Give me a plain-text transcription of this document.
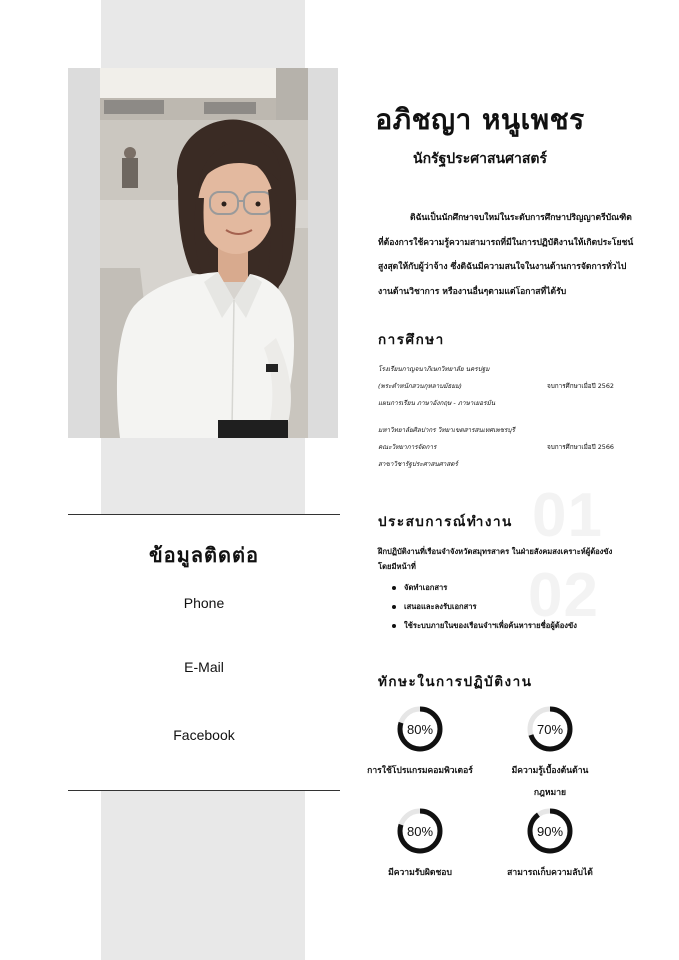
ข้อมูลติดต่อ
Phone
E-Mail
Facebook
อภิชญา หนูเพชร
นักรัฐประศาสนศาสตร์
ดิฉันเป็นนักศึกษาจบใหม่ในระดับการศึกษาปริญญาตรีบัณฑิต
ที่ต้องการใช้ความรู้ความสามารถที่มีในการปฏิบัติงานให้เกิดประโยชน์
สูงสุดให้กับผู้ว่าจ้าง ซึ่งดิฉันมีความสนใจในงานด้านการจัดการทั่วไป
งานด้านวิชาการ หรืองานอื่นๆตามแต่โอกาสที่ได้รับ
การศึกษา
โรงเรียนกาญจนาภิเษกวิทยาลัย นครปฐม
(พระตำหนักสวนกุหลาบมัธยม)	จบการศึกษาเมื่อปี 2562
แผนการเรียน ภาษาอังกฤษ - ภาษาเยอรมัน
มหาวิทยาลัยศิลปากร วิทยาเขตสารสนเทศเพชรบุรี
คณะวิทยาการจัดการ	จบการศึกษาเมื่อปี 2566
สาขาวิชารัฐประศาสนศาสตร์
01
02
ประสบการณ์ทำงาน
ฝึกปฏิบัติงานที่เรือนจำจังหวัดสมุทรสาคร ในฝ่ายสังคมสงเคราะห์ผู้ต้องขัง โดยมีหน้าที่
จัดทำเอกสาร
เสนอและลงรับเอกสาร
ใช้ระบบภายในของเรือนจำฯเพื่อค้นหารายชื่อผู้ต้องขัง
ทักษะในการปฏิบัติงาน
80%
การใช้โปรแกรมคอมพิวเตอร์
70%
มีความรู้เบื้องต้นด้าน
กฎหมาย
80%
มีความรับผิดชอบ
90%
สามารถเก็บความลับได้
